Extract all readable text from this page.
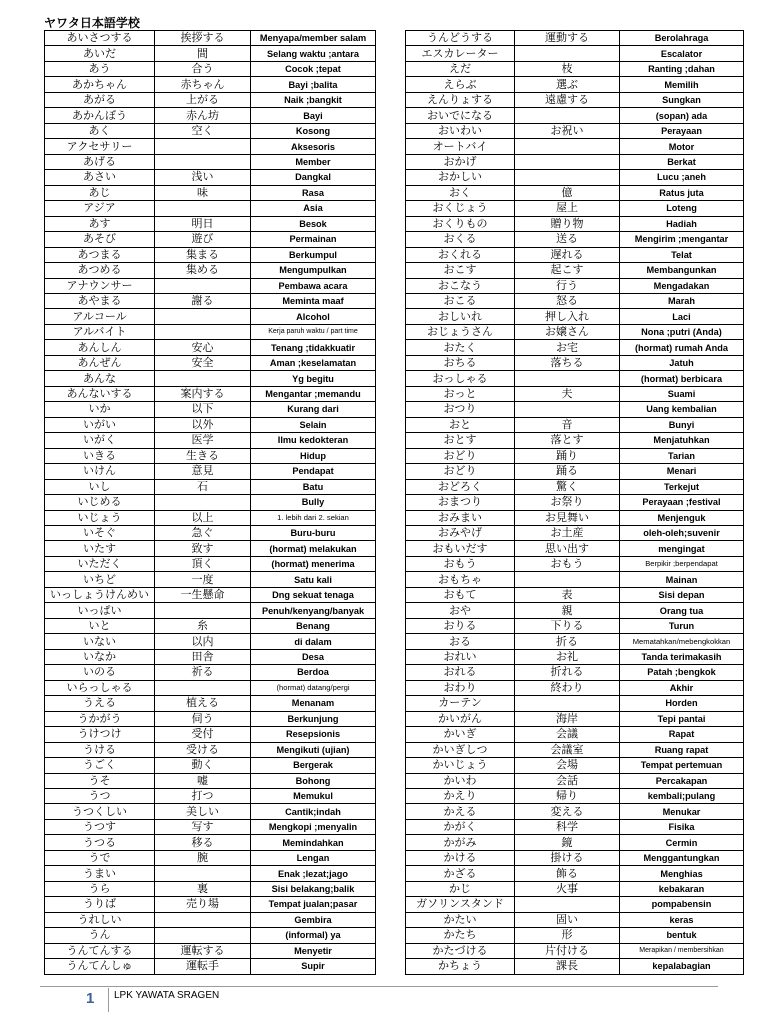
ヤワタ日本語学校
あいさつする	挨拶する	Menyapa/member salam
あいだ	間	Selang waktu ;antara
あう	合う	Cocok ;tepat
あかちゃん	赤ちゃん	Bayi ;balita
あがる	上がる	Naik ;bangkit
あかんぼう	赤ん坊	Bayi
あく	空く	Kosong
アクセサリー		Aksesoris
あげる		Member
あさい	浅い	Dangkal
あじ	味	Rasa
アジア		Asia
あす	明日	Besok
あそび	遊び	Permainan
あつまる	集まる	Berkumpul
あつめる	集める	Mengumpulkan
アナウンサー		Pembawa acara
あやまる	謝る	Meminta maaf
アルコール		Alcohol
アルバイト		Kerja paruh waktu / part time
あんしん	安心	Tenang ;tidakkuatir
あんぜん	安全	Aman ;keselamatan
あんな		Yg begitu
あんないする	案内する	Mengantar ;memandu
いか	以下	Kurang dari
いがい	以外	Selain
いがく	医学	Ilmu kedokteran
いきる	生きる	Hidup
いけん	意見	Pendapat
いし	石	Batu
いじめる		Bully
いじょう	以上	1. lebih dari 2. sekian
いそぐ	急ぐ	Buru-buru
いたす	致す	(hormat) melakukan
いただく	頂く	(hormat) menerima
いちど	一度	Satu kali
いっしょうけんめい	一生懸命	Dng sekuat tenaga
いっぱい		Penuh/kenyang/banyak
いと	糸	Benang
いない	以内	di dalam
いなか	田舎	Desa
いのる	祈る	Berdoa
いらっしゃる		(hormat) datang/pergi
うえる	植える	Menanam
うかがう	伺う	Berkunjung
うけつけ	受付	Resepsionis
うける	受ける	Mengikuti (ujian)
うごく	動く	Bergerak
うそ	嘘	Bohong
うつ	打つ	Memukul
うつくしい	美しい	Cantik;indah
うつす	写す	Mengkopi ;menyalin
うつる	移る	Memindahkan
うで	腕	Lengan
うまい		Enak ;lezat;jago
うら	裏	Sisi belakang;balik
うりば	売り場	Tempat jualan;pasar
うれしい		Gembira
うん		(informal) ya
うんてんする	運転する	Menyetir
うんてんしゅ	運転手	Supir
うんどうする	運動する	Berolahraga
エスカレーター		Escalator
えだ	枝	Ranting ;dahan
えらぶ	選ぶ	Memilih
えんりょする	遠慮する	Sungkan
おいでになる		(sopan) ada
おいわい	お祝い	Perayaan
オートバイ		Motor
おかげ		Berkat
おかしい		Lucu ;aneh
おく	億	Ratus juta
おくじょう	屋上	Loteng
おくりもの	贈り物	Hadiah
おくる	送る	Mengirim ;mengantar
おくれる	遅れる	Telat
おこす	起こす	Membangunkan
おこなう	行う	Mengadakan
おこる	怒る	Marah
おしいれ	押し入れ	Laci
おじょうさん	お嬢さん	Nona ;putri (Anda)
おたく	お宅	(hormat) rumah Anda
おちる	落ちる	Jatuh
おっしゃる		(hormat) berbicara
おっと	夫	Suami
おつり		Uang kembalian
おと	音	Bunyi
おとす	落とす	Menjatuhkan
おどり	踊り	Tarian
おどり	踊る	Menari
おどろく	驚く	Terkejut
おまつり	お祭り	Perayaan ;festival
おみまい	お見舞い	Menjenguk
おみやげ	お土産	oleh-oleh;suvenir
おもいだす	思い出す	mengingat
おもう	おもう	Berpikir ;berpendapat
おもちゃ		Mainan
おもて	表	Sisi depan
おや	親	Orang tua
おりる	下りる	Turun
おる	折る	Mematahkan/mebengkokkan
おれい	お礼	Tanda terimakasih
おれる	折れる	Patah ;bengkok
おわり	終わり	Akhir
カーテン		Horden
かいがん	海岸	Tepi pantai
かいぎ	会議	Rapat
かいぎしつ	会議室	Ruang rapat
かいじょう	会場	Tempat pertemuan
かいわ	会話	Percakapan
かえり	帰り	kembali;pulang
かえる	変える	Menukar
かがく	科学	Fisika
かがみ	鏡	Cermin
かける	掛ける	Menggantungkan
かざる	飾る	Menghias
かじ	火事	kebakaran
ガソリンスタンド		pompabensin
かたい	固い	keras
かたち	形	bentuk
かたづける	片付ける	Merapikan / membersihkan
かちょう	課長	kepalabagian
1 LPK YAWATA SRAGEN
